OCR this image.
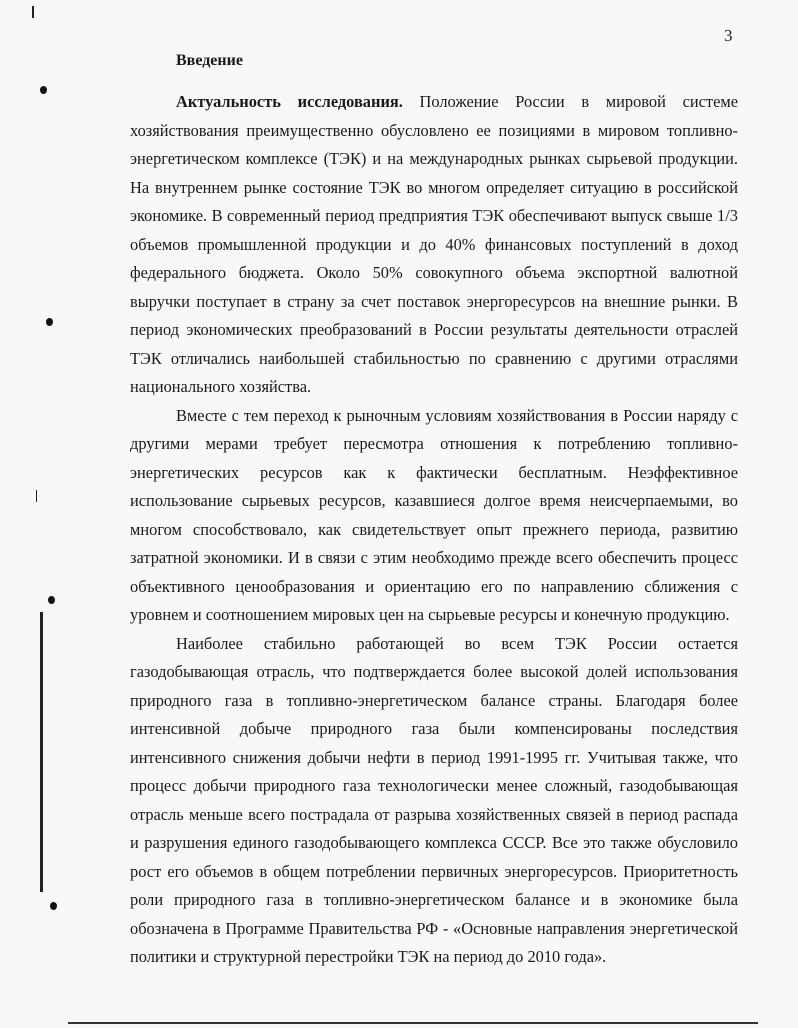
3
Введение

Актуальность исследования. Положение России в мировой системе хозяйствования преимущественно обусловлено ее позициями в мировом топливно-энергетическом комплексе (ТЭК) и на международных рынках сырьевой продукции. На внутреннем рынке состояние ТЭК во многом определяет ситуацию в российской экономике. В современный период предприятия ТЭК обеспечивают выпуск свыше 1/3 объемов промышленной продукции и до 40% финансовых поступлений в доход федерального бюджета. Около 50% совокупного объема экспортной валютной выручки поступает в страну за счет поставок энергоресурсов на внешние рынки. В период экономических преобразований в России результаты деятельности отраслей ТЭК отличались наибольшей стабильностью по сравнению с другими отраслями национального хозяйства.

Вместе с тем переход к рыночным условиям хозяйствования в России наряду с другими мерами требует пересмотра отношения к потреблению топливно-энергетических ресурсов как к фактически бесплатным. Неэффективное использование сырьевых ресурсов, казавшиеся долгое время неисчерпаемыми, во многом способствовало, как свидетельствует опыт прежнего периода, развитию затратной экономики. И в связи с этим необходимо прежде всего обеспечить процесс объективного ценообразования и ориентацию его по направлению сближения с уровнем и соотношением мировых цен на сырьевые ресурсы и конечную продукцию.

Наиболее стабильно работающей во всем ТЭК России остается газодобывающая отрасль, что подтверждается более высокой долей использования природного газа в топливно-энергетическом балансе страны. Благодаря более интенсивной добыче природного газа были компенсированы последствия интенсивного снижения добычи нефти в период 1991-1995 гг. Учитывая также, что процесс добычи природного газа технологически менее сложный, газодобывающая отрасль меньше всего пострадала от разрыва хозяйственных связей в период распада и разрушения единого газодобывающего комплекса СССР. Все это также обусловило рост его объемов в общем потреблении первичных энергоресурсов. Приоритетность роли природного газа в топливно-энергетическом балансе и в экономике была обозначена в Программе Правительства РФ - «Основные направления энергетической политики и структурной перестройки ТЭК на период до 2010 года».
